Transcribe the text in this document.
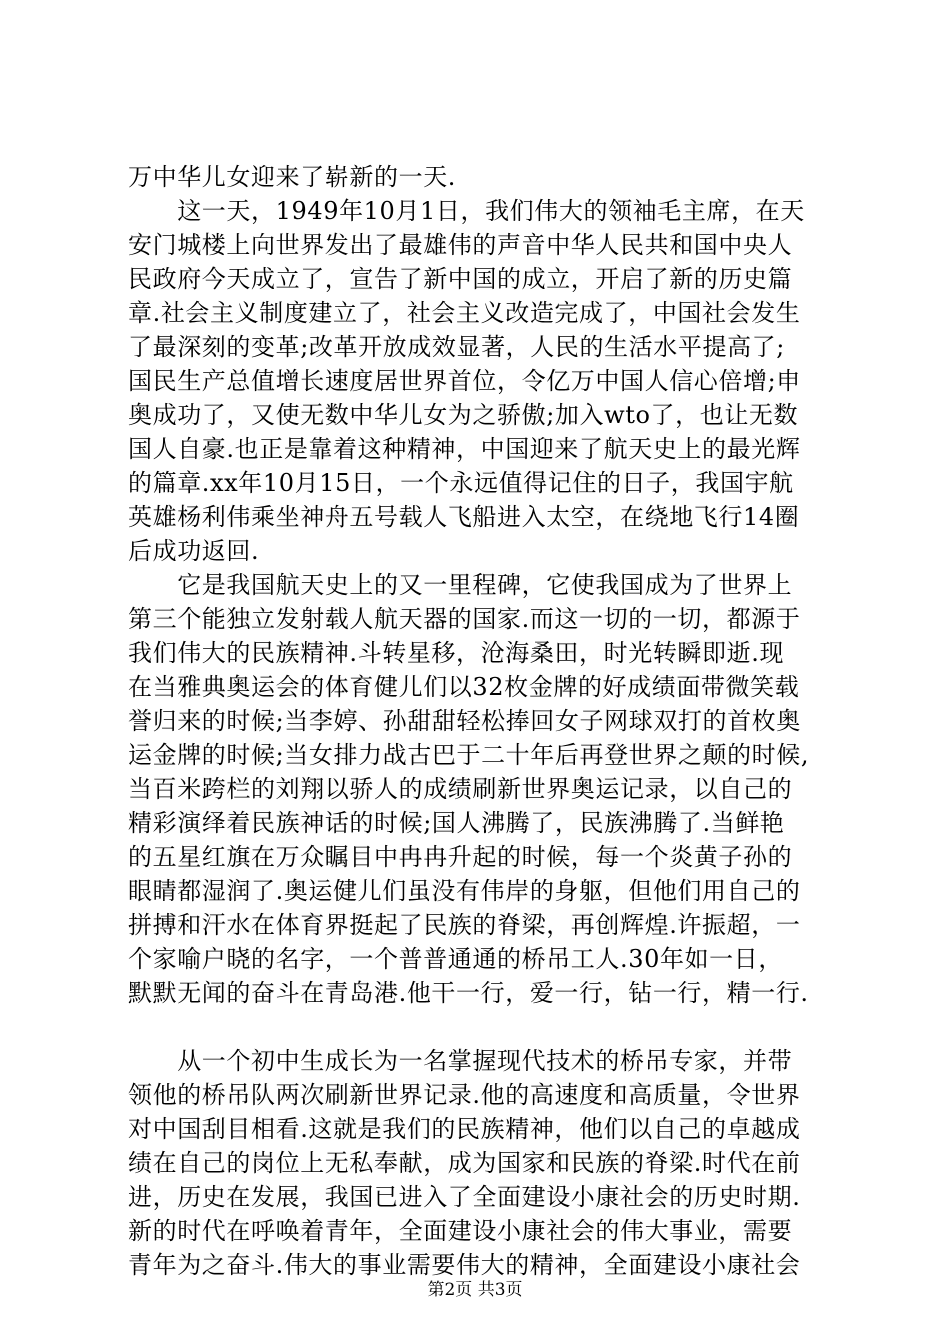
万中华儿女迎来了崭新的一天.
　　这一天，1949年10月1日，我们伟大的领袖毛主席，在天
安门城楼上向世界发出了最雄伟的声音中华人民共和国中央人
民政府今天成立了，宣告了新中国的成立，开启了新的历史篇
章.社会主义制度建立了，社会主义改造完成了，中国社会发生
了最深刻的变革;改革开放成效显著，人民的生活水平提高了;
国民生产总值增长速度居世界首位，令亿万中国人信心倍增;申
奥成功了，又使无数中华儿女为之骄傲;加入wto了，也让无数
国人自豪.也正是靠着这种精神，中国迎来了航天史上的最光辉
的篇章.xx年10月15日，一个永远值得记住的日子，我国宇航
英雄杨利伟乘坐神舟五号载人飞船进入太空，在绕地飞行14圈
后成功返回.
　　它是我国航天史上的又一里程碑，它使我国成为了世界上
第三个能独立发射载人航天器的国家.而这一切的一切，都源于
我们伟大的民族精神.斗转星移，沧海桑田，时光转瞬即逝.现
在当雅典奥运会的体育健儿们以32枚金牌的好成绩面带微笑载
誉归来的时候;当李婷、孙甜甜轻松捧回女子网球双打的首枚奥
运金牌的时候;当女排力战古巴于二十年后再登世界之颠的时候,
当百米跨栏的刘翔以骄人的成绩刷新世界奥运记录，以自己的
精彩演绎着民族神话的时候;国人沸腾了，民族沸腾了.当鲜艳
的五星红旗在万众瞩目中冉冉升起的时候，每一个炎黄子孙的
眼睛都湿润了.奥运健儿们虽没有伟岸的身躯，但他们用自己的
拼搏和汗水在体育界挺起了民族的脊梁，再创辉煌.许振超，一
个家喻户晓的名字，一个普普通通的桥吊工人.30年如一日，
默默无闻的奋斗在青岛港.他干一行，爱一行，钻一行，精一行.
　　从一个初中生成长为一名掌握现代技术的桥吊专家，并带
领他的桥吊队两次刷新世界记录.他的高速度和高质量，令世界
对中国刮目相看.这就是我们的民族精神，他们以自己的卓越成
绩在自己的岗位上无私奉献，成为国家和民族的脊梁.时代在前
进，历史在发展，我国已进入了全面建设小康社会的历史时期.
新的时代在呼唤着青年，全面建设小康社会的伟大事业，需要
青年为之奋斗.伟大的事业需要伟大的精神，全面建设小康社会
第2页 共3页
